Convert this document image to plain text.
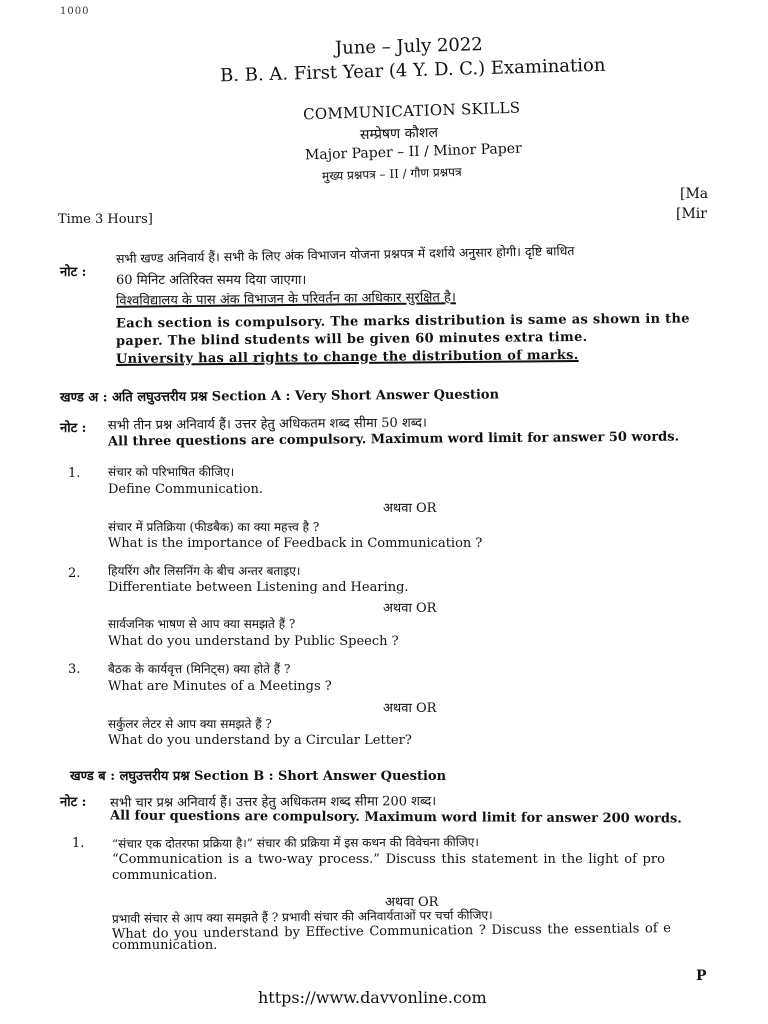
1000
June – July 2022
B. B. A. First Year (4 Y. D. C.) Examination
COMMUNICATION SKILLS
सम्प्रेषण कौशल
Major Paper – II / Minor Paper
मुख्य प्रश्नपत्र – II / गौण प्रश्नपत्र
[Ma
[Mir
Time 3 Hours]
नोट :
सभी खण्ड अनिवार्य हैं। सभी के लिए अंक विभाजन योजना प्रश्नपत्र में दर्शाये अनुसार होगी। दृष्टि बाधित
60 मिनिट अतिरिक्त समय दिया जाएगा।
विश्वविद्यालय के पास अंक विभाजन के परिवर्तन का अधिकार सुरक्षित है।
Each section is compulsory. The marks distribution is same as shown in the
paper. The blind students will be given 60 minutes extra time.
University has all rights to change the distribution of marks.
खण्ड अ : अति लघुउत्तरीय प्रश्न Section A : Very Short Answer Question
नोट : सभी तीन प्रश्न अनिवार्य हैं। उत्तर हेतु अधिकतम शब्द सीमा 50 शब्द।
All three questions are compulsory. Maximum word limit for answer 50 words.
1. संचार को परिभाषित कीजिए।
Define Communication.
अथवा OR
संचार में प्रतिक्रिया (फीडबैक) का क्या महत्त्व है ?
What is the importance of Feedback in Communication ?
2. हियरिंग और लिसनिंग के बीच अन्तर बताइए।
Differentiate between Listening and Hearing.
अथवा OR
सार्वजनिक भाषण से आप क्या समझते हैं ?
What do you understand by Public Speech ?
3. बैठक के कार्यवृत्त (मिनिट्स) क्या होते हैं ?
What are Minutes of a Meetings ?
अथवा OR
सर्कुलर लेटर से आप क्या समझते हैं ?
What do you understand by a Circular Letter?
खण्ड ब : लघुउत्तरीय प्रश्न Section B : Short Answer Question
नोट : सभी चार प्रश्न अनिवार्य हैं। उत्तर हेतु अधिकतम शब्द सीमा 200 शब्द।
All four questions are compulsory. Maximum word limit for answer 200 words.
1. “संचार एक दोतरफा प्रक्रिया है।” संचार की प्रक्रिया में इस कथन की विवेचना कीजिए।
“Communication is a two-way process.” Discuss this statement in the light of pro
communication.
अथवा OR
प्रभावी संचार से आप क्या समझते हैं ? प्रभावी संचार की अनिवार्यताओं पर चर्चा कीजिए।
What do you understand by Effective Communication ? Discuss the essentials of e
communication.
P
https://www.davvonline.com
